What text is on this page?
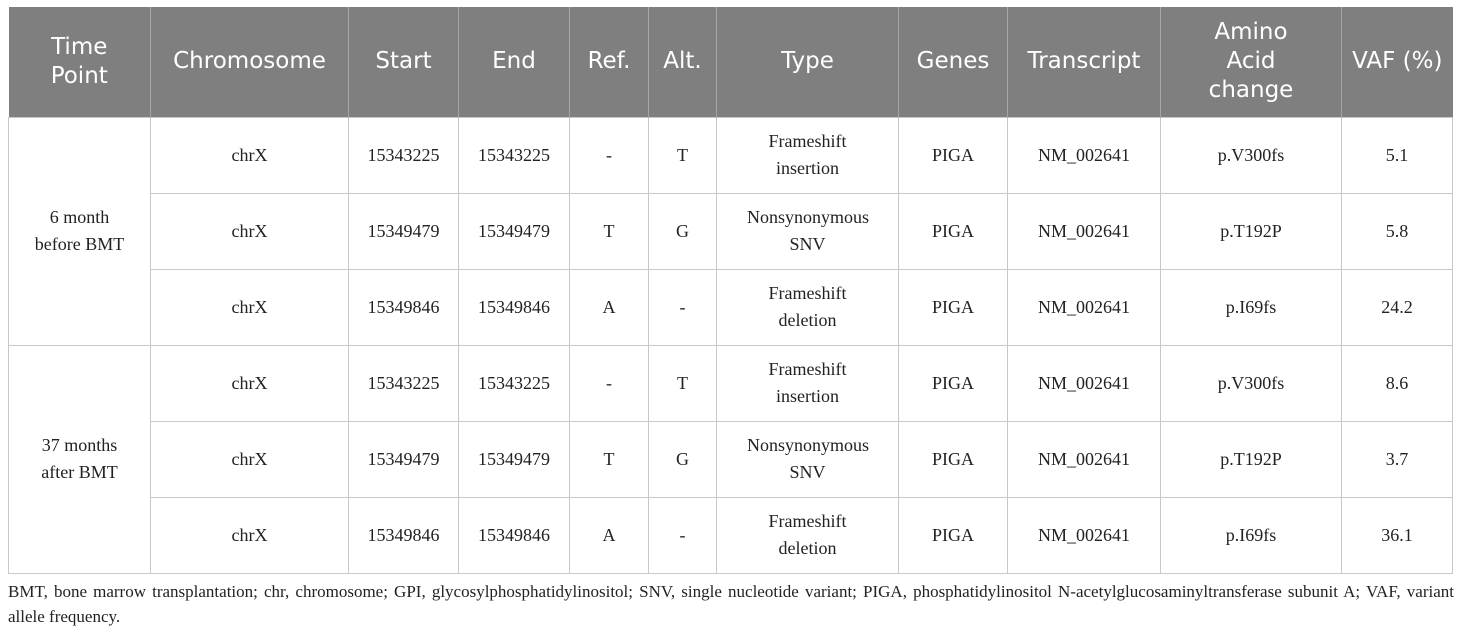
Time Point	Chromosome	Start	End	Ref.	Alt.	Type	Genes	Transcript	Amino Acid change	VAF (%)
6 month before BMT	chrX	15343225	15343225	-	T	Frameshift insertion	PIGA	NM_002641	p.V300fs	5.1
	chrX	15349479	15349479	T	G	Nonsynonymous SNV	PIGA	NM_002641	p.T192P	5.8
	chrX	15349846	15349846	A	-	Frameshift deletion	PIGA	NM_002641	p.I69fs	24.2
37 months after BMT	chrX	15343225	15343225	-	T	Frameshift insertion	PIGA	NM_002641	p.V300fs	8.6
	chrX	15349479	15349479	T	G	Nonsynonymous SNV	PIGA	NM_002641	p.T192P	3.7
	chrX	15349846	15349846	A	-	Frameshift deletion	PIGA	NM_002641	p.I69fs	36.1
BMT, bone marrow transplantation; chr, chromosome; GPI, glycosylphosphatidylinositol; SNV, single nucleotide variant; PIGA, phosphatidylinositol N-acetylglucosaminyltransferase subunit A; VAF, variant allele frequency.
